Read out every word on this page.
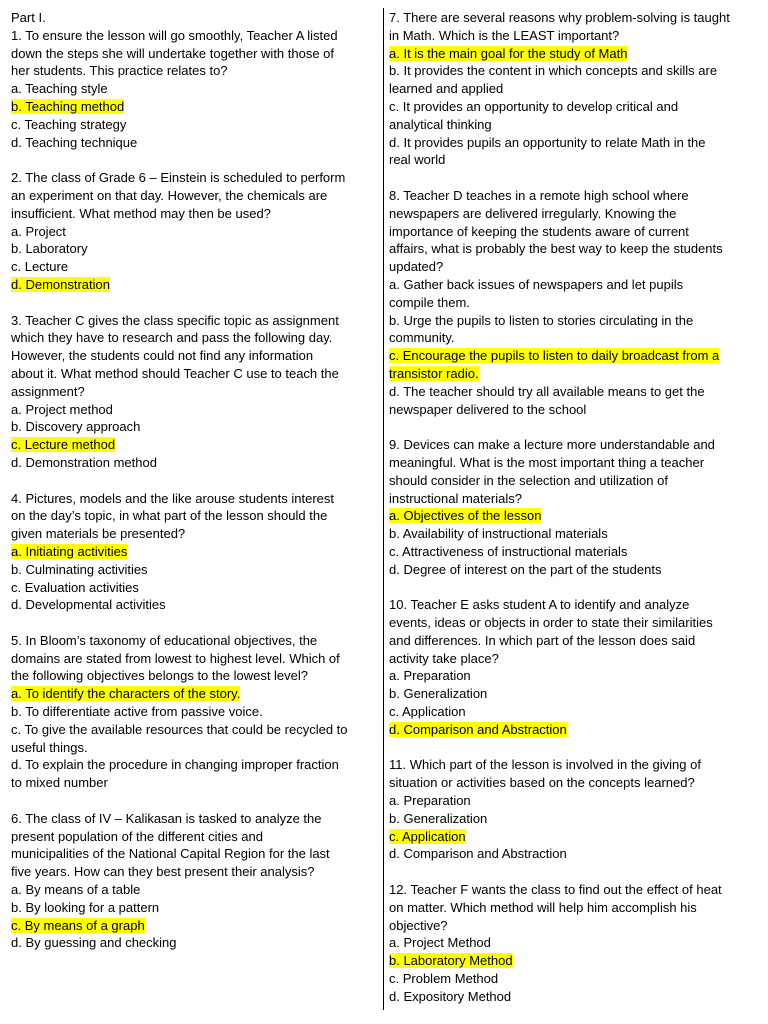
Part I.
1. To ensure the lesson will go smoothly, Teacher A listed
down the steps she will undertake together with those of
her students. This practice relates to?
a. Teaching style
b. Teaching method
c. Teaching strategy
d. Teaching technique
2. The class of Grade 6 – Einstein is scheduled to perform
an experiment on that day. However, the chemicals are
insufficient. What method may then be used?
a. Project
b. Laboratory
c. Lecture
d. Demonstration
3. Teacher C gives the class specific topic as assignment
which they have to research and pass the following day.
However, the students could not find any information
about it. What method should Teacher C use to teach the
assignment?
a. Project method
b. Discovery approach
c. Lecture method
d. Demonstration method
4. Pictures, models and the like arouse students interest
on the day’s topic, in what part of the lesson should the
given materials be presented?
a. Initiating activities
b. Culminating activities
c. Evaluation activities
d. Developmental activities
5. In Bloom’s taxonomy of educational objectives, the
domains are stated from lowest to highest level. Which of
the following objectives belongs to the lowest level?
a. To identify the characters of the story.
b. To differentiate active from passive voice.
c. To give the available resources that could be recycled to
useful things.
d. To explain the procedure in changing improper fraction
to mixed number
6. The class of IV – Kalikasan is tasked to analyze the
present population of the different cities and
municipalities of the National Capital Region for the last
five years. How can they best present their analysis?
a. By means of a table
b. By looking for a pattern
c. By means of a graph
d. By guessing and checking
7. There are several reasons why problem-solving is taught
in Math. Which is the LEAST important?
a. It is the main goal for the study of Math
b. It provides the content in which concepts and skills are
learned and applied
c. It provides an opportunity to develop critical and
analytical thinking
d. It provides pupils an opportunity to relate Math in the
real world
8. Teacher D teaches in a remote high school where
newspapers are delivered irregularly. Knowing the
importance of keeping the students aware of current
affairs, what is probably the best way to keep the students
updated?
a. Gather back issues of newspapers and let pupils
compile them.
b. Urge the pupils to listen to stories circulating in the
community.
c. Encourage the pupils to listen to daily broadcast from a
transistor radio.
d. The teacher should try all available means to get the
newspaper delivered to the school
9. Devices can make a lecture more understandable and
meaningful. What is the most important thing a teacher
should consider in the selection and utilization of
instructional materials?
a. Objectives of the lesson
b. Availability of instructional materials
c. Attractiveness of instructional materials
d. Degree of interest on the part of the students
10. Teacher E asks student A to identify and analyze
events, ideas or objects in order to state their similarities
and differences. In which part of the lesson does said
activity take place?
a. Preparation
b. Generalization
c. Application
d. Comparison and Abstraction
11. Which part of the lesson is involved in the giving of
situation or activities based on the concepts learned?
a. Preparation
b. Generalization
c. Application
d. Comparison and Abstraction
12. Teacher F wants the class to find out the effect of heat
on matter. Which method will help him accomplish his
objective?
a. Project Method
b. Laboratory Method
c. Problem Method
d. Expository Method
